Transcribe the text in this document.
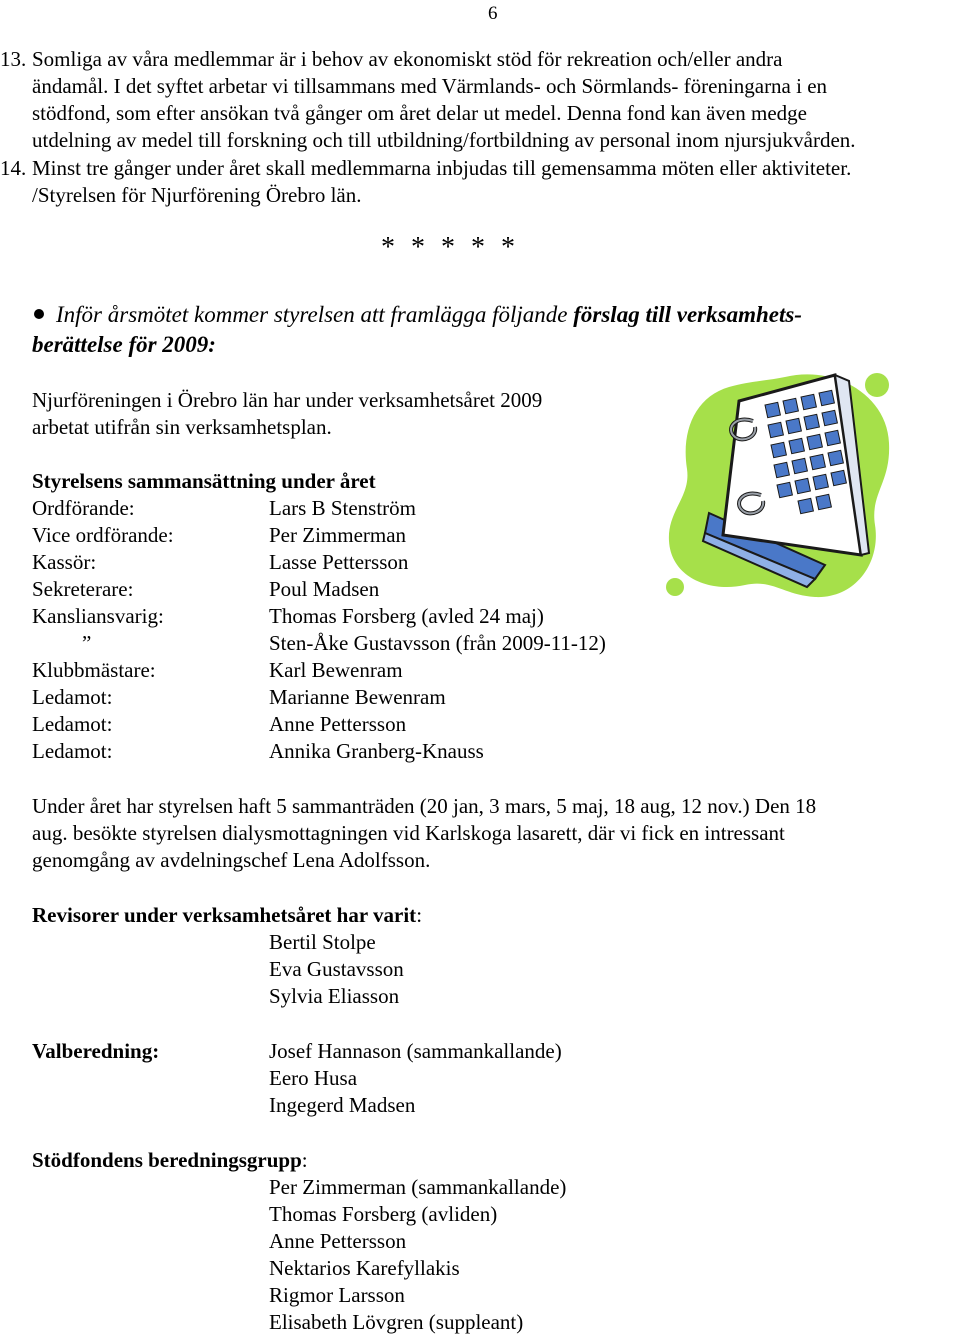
6
13. Somliga av våra medlemmar är i behov av ekonomiskt stöd för rekreation och/eller andra
ändamål. I det syftet arbetar vi tillsammans med Värmlands- och Sörmlands- föreningarna i en
stödfond, som efter ansökan två gånger om året delar ut medel. Denna fond kan även medge
utdelning av medel till forskning och till utbildning/fortbildning av personal inom njursjukvården.
14. Minst tre gånger under året skall medlemmarna inbjudas till gemensamma möten eller aktiviteter.
/Styrelsen för Njurförening Örebro län.
* * * * *
Inför årsmötet kommer styrelsen att framlägga följande förslag till verksamhets-
berättelse för 2009:
Njurföreningen i Örebro län har under verksamhetsåret 2009
arbetat utifrån sin verksamhetsplan.
Styrelsens sammansättning under året
Ordförande:	Lars B Stenström
Vice ordförande:	Per Zimmerman
Kassör:	Lasse Pettersson
Sekreterare:	Poul Madsen
Kansliansvarig:	Thomas Forsberg (avled 24 maj)
”	Sten-Åke Gustavsson (från 2009-11-12)
Klubbmästare:	Karl Bewenram
Ledamot:	Marianne Bewenram
Ledamot:	Anne Pettersson
Ledamot:	Annika Granberg-Knauss
Under året har styrelsen haft 5 sammanträden (20 jan, 3 mars, 5 maj, 18 aug, 12 nov.) Den 18
aug. besökte styrelsen dialysmottagningen vid Karlskoga lasarett, där vi fick en intressant
genomgång av avdelningschef Lena Adolfsson.
Revisorer under verksamhetsåret har varit:
Bertil Stolpe
Eva Gustavsson
Sylvia Eliasson
Valberedning:	Josef Hannason (sammankallande)
Eero Husa
Ingegerd Madsen
Stödfondens beredningsgrupp:
Per Zimmerman (sammankallande)
Thomas Forsberg (avliden)
Anne Pettersson
Nektarios Karefyllakis
Rigmor Larsson
Elisabeth Lövgren (suppleant)
